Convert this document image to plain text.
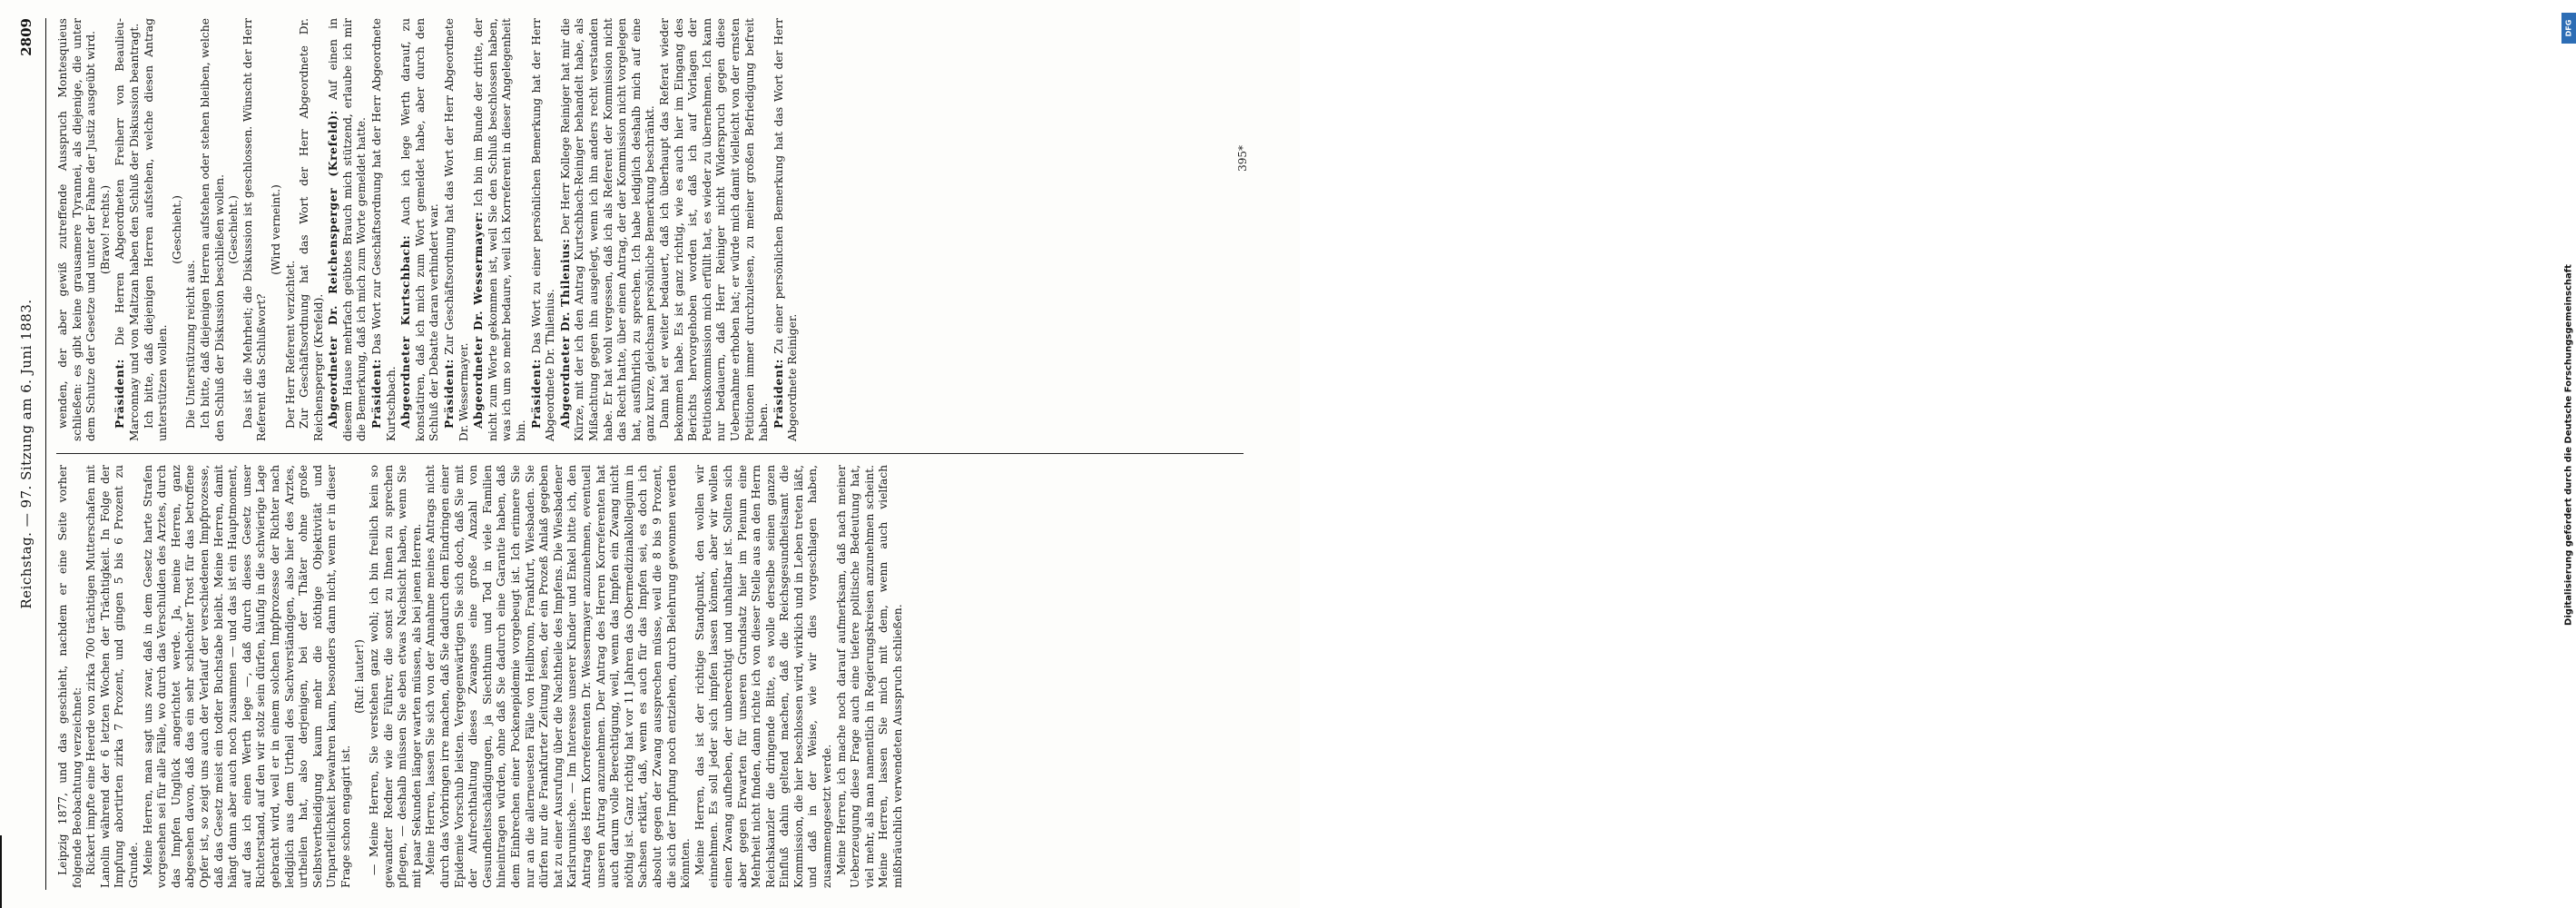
Reichstag. — 97. Sitzung am 6. Juni 1883.
2809

Leipzig 1877, und das geschieht, nachdem er eine Seite vorher folgende Beobachtung verzeichnet: Rickert impfte eine Heerde von zirka 700 trächtigen Mutterschafen mit Lanolin während der 6 letzten Wochen der Trächtigkeit. In Folge der Impfung abortirten zirka 7 Prozent, und gingen 5 bis 6 Prozent zu Grunde. Meine Herren, man sagt uns zwar, daß in dem Gesetz harte Strafen vorgesehen sei für alle Fälle, wo durch das Verschulden des Arztes, durch das Impfen Unglück angerichtet werde. Ja, meine Herren, ganz abgesehen davon, daß das ein sehr schlechter Trost für das betroffene Opfer ist, so zeigt uns auch der Verlauf der verschiedenen Impfprozesse, daß das Gesetz meist ein todter Buchstabe bleibt. Meine Herren, damit hängt dann aber auch noch zusammen — und das ist ein Hauptmoment, auf das ich einen Werth lege —, daß durch dieses Gesetz unser Richterstand, auf den wir stolz sein dürfen, häufig in die schwierige Lage gebracht wird, weil er in einem solchen Impfprozesse der Richter nach lediglich aus dem Urtheil des Sachverständigen, also hier des Arztes, urtheilen hat, also derjenigen, bei der Thäter ohne große Selbstvertheidigung kaum mehr die nöthige Objektivität und Unparteilichkeit bewahren kann, besonders dann nicht, wenn er in dieser Frage schon engagirt ist.

(Ruf: lauter!) — Meine Herren, Sie verstehen ganz wohl; ich bin freilich kein so gewandter Redner wie die Führer, die sonst zu Ihnen zu sprechen pflegen, — deshalb müssen Sie eben etwas Nachsicht haben, wenn Sie mit paar Sekunden länger warten müssen, als bei jenen Herren. Meine Herren, lassen Sie sich von der Annahme meines Antrags nicht durch das Vorbringen irre machen, daß Sie dadurch dem Eindringen einer Epidemie Vorschub leisten. Vergegenwärtigen Sie sich doch, daß Sie mit der Aufrechthaltung dieses Zwanges eine große Anzahl von Gesundheitsschädigungen, ja Siechthum und Tod in viele Familien hineintragen würden, ohne daß Sie dadurch eine Garantie haben, daß dem Einbrechen einer Pockenepidemie vorgebeugt ist. Ich erinnere Sie nur an die allerneuesten Fälle von Heilbronn, Frankfurt, Wiesbaden. Sie dürfen nur die Frankfurter Zeitung lesen, der ein Prozeß Anlaß gegeben hat zu einer Ausrufung über die Nachtheile des Impfens. Die Wiesbadener Karlsrunnische. — Im Interesse unserer Kinder und Enkel bitte ich, den Antrag des Herrn Korreferenten Dr. Wessermayer anzunehmen, eventuell unseren Antrag anzunehmen. Der Antrag des Herren Korreferenten hat auch darum volle Berechtigung, weil, wenn das Impfen ein Zwang nicht nöthig ist. Ganz richtig hat vor 11 Jahren das Obermedizinalkollegium in Sachsen erklärt, daß, wenn es auch für das Impfen sei, es doch ich absolut gegen der Zwang aussprechen müsse, weil die 8 bis 9 Prozent, die sich der Impfung noch entziehen, durch Belehrung gewonnen werden könnten. Meine Herren, das ist der richtige Standpunkt, den wollen wir einnehmen. Es soll jeder sich impfen lassen können, aber wir wollen einen Zwang aufheben, der unberechtigt und unhaltbar ist. Sollten sich aber gegen Erwarten für unseren Grundsatz hier im Plenum eine Mehrheit nicht finden, dann richte ich von dieser Stelle aus an den Herrn Reichskanzler die dringende Bitte, es wolle derselbe seinen ganzen Einfluß dahin geltend machen, daß die Reichsgesundheitsamt die Kommission, die hier beschlossen wird, wirklich und in Leben treten läßt, und daß in der Weise, wie wir dies vorgeschlagen haben, zusammengesetzt werde. Meine Herren, ich mache noch darauf aufmerksam, daß nach meiner Ueberzeugung diese Frage auch eine tiefere politische Bedeutung hat, viel mehr, als man namentlich in Regierungskreisen anzunehmen scheint. Meine Herren, lassen Sie mich mit dem, wenn auch vielfach mißbräuchlich verwendeten Ausspruch schließen.

wenden, der aber gewiß zutreffende Ausspruch Montesquieus schließen: es gibt keine grausamere Tyrannei, als diejenige, die unter dem Schutze der Gesetze und unter der Fahne der Justiz ausgeübt wird. (Bravo! rechts.)

Präsident: Die Herren Abgeordneten Freiherr von Beaulieu-Marconnay und von Maltzan haben den Schluß der Diskussion beantragt. Ich bitte, daß diejenigen Herren aufstehen, welche diesen Antrag unterstützen wollen.

(Geschieht.)

Die Unterstützung reicht aus. Ich bitte, daß diejenigen Herren aufstehen oder stehen bleiben, welche den Schluß der Diskussion beschließen wollen. (Geschieht.) Das ist die Mehrheit; die Diskussion ist geschlossen. Wünscht der Herr Referent das Schlußwort?

(Wird verneint.)

Der Herr Referent verzichtet. Zur Geschäftsordnung hat das Wort der Herr Abgeordnete Dr. Reichensperger (Krefeld). Abgeordneter Dr. Reichensperger (Krefeld): Auf einen in diesem Hause mehrfach geübtes Brauch mich stützend, erlaube ich mir die Bemerkung, daß ich mich zum Worte gemeldet hatte. Präsident: Das Wort zur Geschäftsordnung hat der Herr Abgeordnete Kurtschbach. Abgeordneter Kurtschbach: Auch ich lege Werth darauf, zu konstatiren, daß ich mich zum Wort gemeldet habe, aber durch den Schluß der Debatte daran verhindert war. Präsident: Zur Geschäftsordnung hat das Wort der Herr Abgeordnete Dr. Wessermayer. Abgeordneter Dr. Wessermayer: Ich bin im Bunde der dritte, der nicht zum Worte gekommen ist, weil Sie den Schluß beschlossen haben, was ich um so mehr bedaure, weil ich Korreferent in dieser Angelegenheit bin.

Präsident: Das Wort zu einer persönlichen Bemerkung hat der Herr Abgeordnete Dr. Thilenius. Abgeordneter Dr. Thilenius: Der Herr Kollege Reiniger hat mir die Kürze, mit der ich den Antrag Kurtschbach-Reiniger behandelt habe, als Mißachtung gegen ihn ausgelegt, wenn ich ihn anders recht verstanden habe. Er hat wohl vergessen, daß ich als Referent der Kommission nicht das Recht hatte, über einen Antrag, der der Kommission nicht vorgelegen hat, ausführlich zu sprechen. Ich habe lediglich deshalb mich auf eine ganz kurze, gleichsam persönliche Bemerkung beschränkt. Dann hat er weiter bedauert, daß ich überhaupt das Referat wieder bekommen habe. Es ist ganz richtig, wie es auch hier im Eingang des Berichts hervorgehoben worden ist, daß ich auf Vorlagen der Petitionskommission mich erfüllt hat, es wieder zu übernehmen. Ich kann nur bedauern, daß Herr Reiniger nicht Widerspruch gegen diese Uebernahme erhoben hat; er würde mich damit vielleicht von der ernsten Petitionen immer durchzulesen, zu meiner großen Befriedigung befreit haben. Präsident: Zu einer persönlichen Bemerkung hat das Wort der Herr Abgeordnete Reiniger.

395*
DFG
Digitalisierung gefördert durch die Deutsche Forschungsgemeinschaft
